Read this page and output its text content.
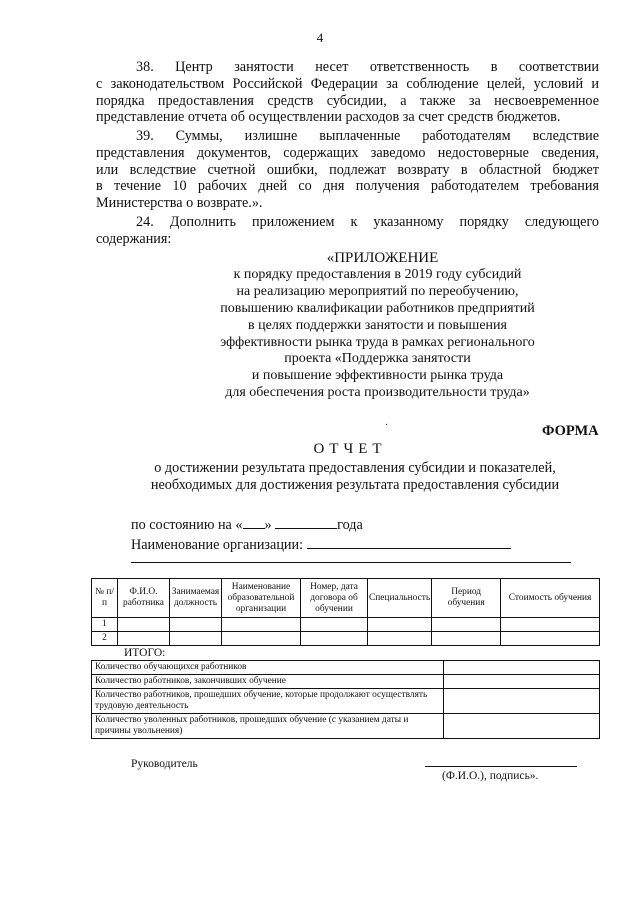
4
38. Центр занятости несет ответственность в соответствии
с законодательством Российской Федерации за соблюдение целей, условий и
порядка предоставления средств субсидии, а также за несвоевременное
представление отчета об осуществлении расходов за счет средств бюджетов.
39. Суммы, излишне выплаченные работодателям вследствие
представления документов, содержащих заведомо недостоверные сведения,
или вследствие счетной ошибки, подлежат возврату в областной бюджет
в течение 10 рабочих дней со дня получения работодателем требования
Министерства о возврате.».
24. Дополнить приложением к указанному порядку следующего
содержания:
«ПРИЛОЖЕНИЕ
к порядку предоставления в 2019 году субсидий
на реализацию мероприятий по переобучению,
повышению квалификации работников предприятий
в целях поддержки занятости и повышения
эффективности рынка труда в рамках регионального
проекта «Поддержка занятости
и повышение эффективности рынка труда
для обеспечения роста производительности труда»
·	ФОРМА
ОТЧЕТ
о достижении результата предоставления субсидии и показателей,
необходимых для достижения результата предоставления субсидии
по состоянию на « »	года
Наименование организации:
№ п/п	Ф.И.О. работника	Занимаемая должность	Наименование образовательной организации	Номер, дата договора об обучении	Специальность	Период обучения	Стоимость обучения
1							
2							
ИТОГО:
Количество обучающихся работников	
Количество работников, закончивших обучение	
Количество работников, прошедших обучение, которые продолжают осуществлять трудовую деятельность	
Количество уволенных работников, прошедших обучение (с указанием даты и причины увольнения)	
Руководитель
(Ф.И.О.), подпись».
